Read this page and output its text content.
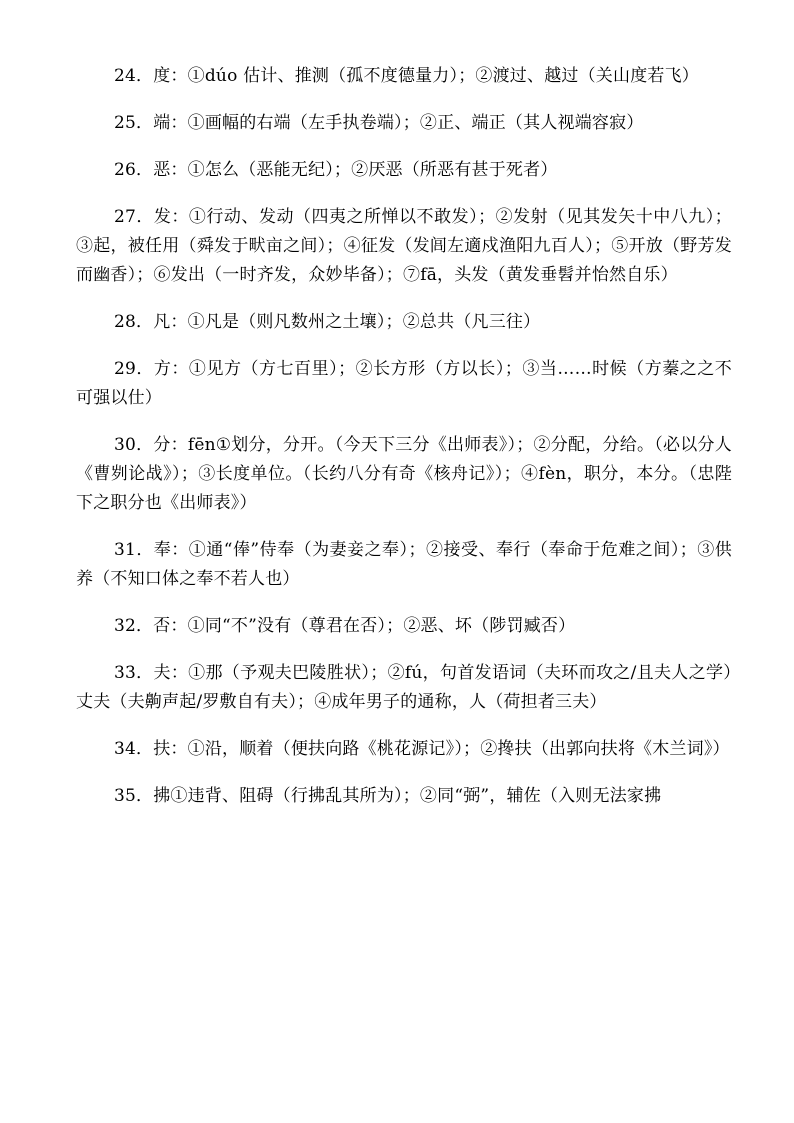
24．度：①dúo 估计、推测（孤不度德量力）；②渡过、越过（关山度若飞）

25．端：①画幅的右端（左手执卷端）；②正、端正（其人视端容寂）

26．恶：①怎么（恶能无纪）；②厌恶（所恶有甚于死者）

27．发：①行动、发动（四夷之所惮以不敢发）；②发射（见其发矢十中八九）；③起，被任用（舜发于畎亩之间）；④征发（发闾左適戍渔阳九百人）；⑤开放（野芳发而幽香）；⑥发出（一时齐发，众妙毕备）；⑦fā，头发（黄发垂髫并怡然自乐）

28．凡：①凡是（则凡数州之土壤）；②总共（凡三往）

29．方：①见方（方七百里）；②长方形（方以长）；③当……时候（方蓁之之不可强以仕）

30．分：fēn①划分，分开。（今天下三分《出师表》）；②分配，分给。（必以分人《曹刿论战》）；③长度单位。（长约八分有奇《核舟记》）；④fèn，职分，本分。（忠陛下之职分也《出师表》）

31．奉：①通“俸”侍奉（为妻妾之奉）；②接受、奉行（奉命于危难之间）；③供养（不知口体之奉不若人也）

32．否：①同“不”没有（尊君在否）；②恶、坏（陟罚臧否）

33．夫：①那（予观夫巴陵胜状）；②fú，句首发语词（夫环而攻之/且夫人之学）丈夫（夫齁声起/罗敷自有夫）；④成年男子的通称，人（荷担者三夫）

34．扶：①沿，顺着（便扶向路《桃花源记》）；②搀扶（出郭向扶将《木兰词》）

35．拂①违背、阻碍（行拂乱其所为）；②同“弼”，辅佐（入则无法家拂
